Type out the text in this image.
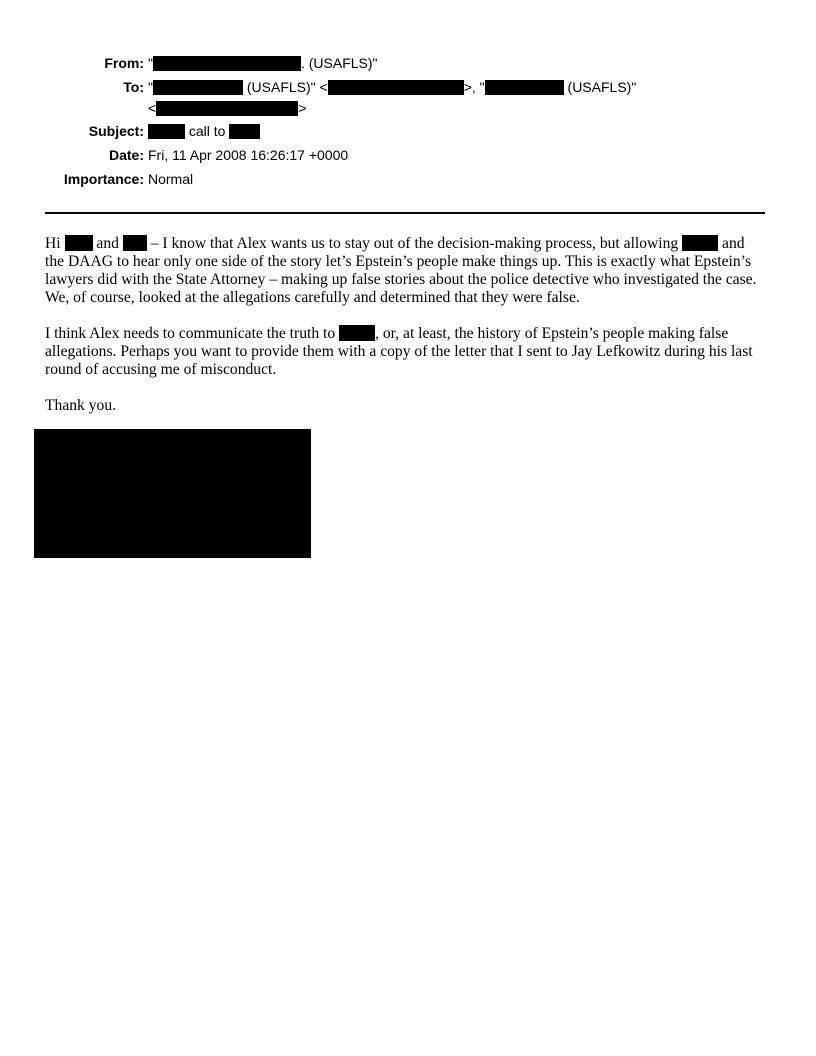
From: "	. (USAFLS)"
To: "	(USAFLS)" <	>, "	(USAFLS)"
<	>
Subject:	call to
Date: Fri, 11 Apr 2008 16:26:17 +0000
Importance: Normal

Hi  and  – I know that Alex wants us to stay out of the decision-making process, but allowing  and the DAAG to hear only one side of the story let’s Epstein’s people make things up. This is exactly what Epstein’s lawyers did with the State Attorney – making up false stories about the police detective who investigated the case. We, of course, looked at the allegations carefully and determined that they were false.

I think Alex needs to communicate the truth to , or, at least, the history of Epstein’s people making false allegations. Perhaps you want to provide them with a copy of the letter that I sent to Jay Lefkowitz during his last round of accusing me of misconduct.

Thank you.
